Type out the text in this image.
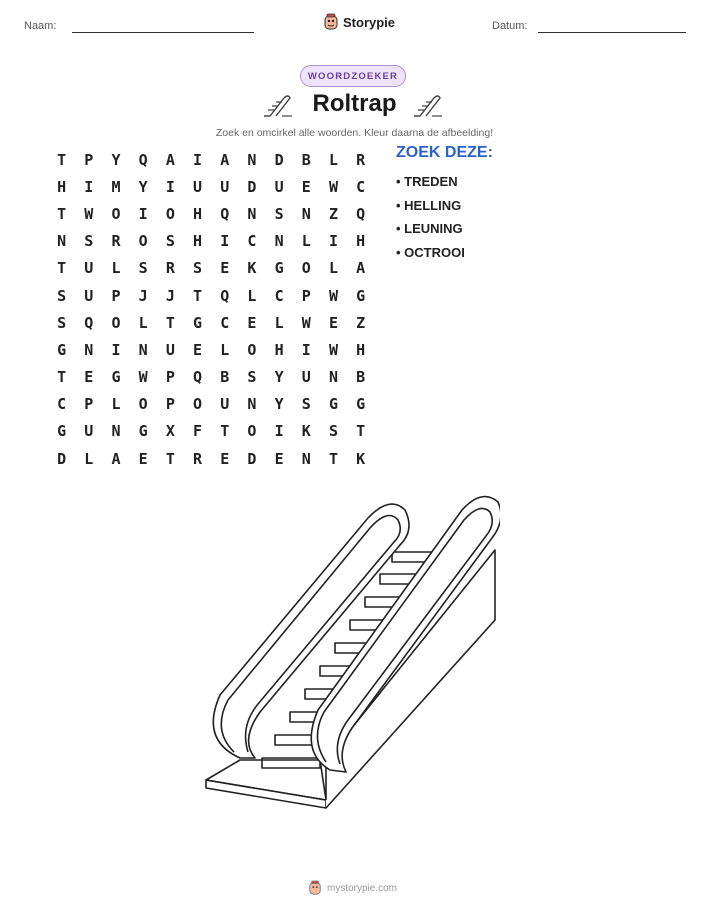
Naam:	Storypie	Datum:
WOORDZOEKER
Roltrap
Zoek en omcirkel alle woorden. Kleur daarna de afbeelding!
T	P	Y	Q	A	I	A	N	D	B	L	R
H	I	M	Y	I	U	U	D	U	E	W	C
T	W	O	I	O	H	Q	N	S	N	Z	Q
N	S	R	O	S	H	I	C	N	L	I	H
T	U	L	S	R	S	E	K	G	O	L	A
S	U	P	J	J	T	Q	L	C	P	W	G
S	Q	O	L	T	G	C	E	L	W	E	Z
G	N	I	N	U	E	L	O	H	I	W	H
T	E	G	W	P	Q	B	S	Y	U	N	B
C	P	L	O	P	O	U	N	Y	S	G	G
G	U	N	G	X	F	T	O	I	K	S	T
D	L	A	E	T	R	E	D	E	N	T	K
ZOEK DEZE:
• TREDEN
• HELLING
• LEUNING
• OCTROOI
mystorypie.com
